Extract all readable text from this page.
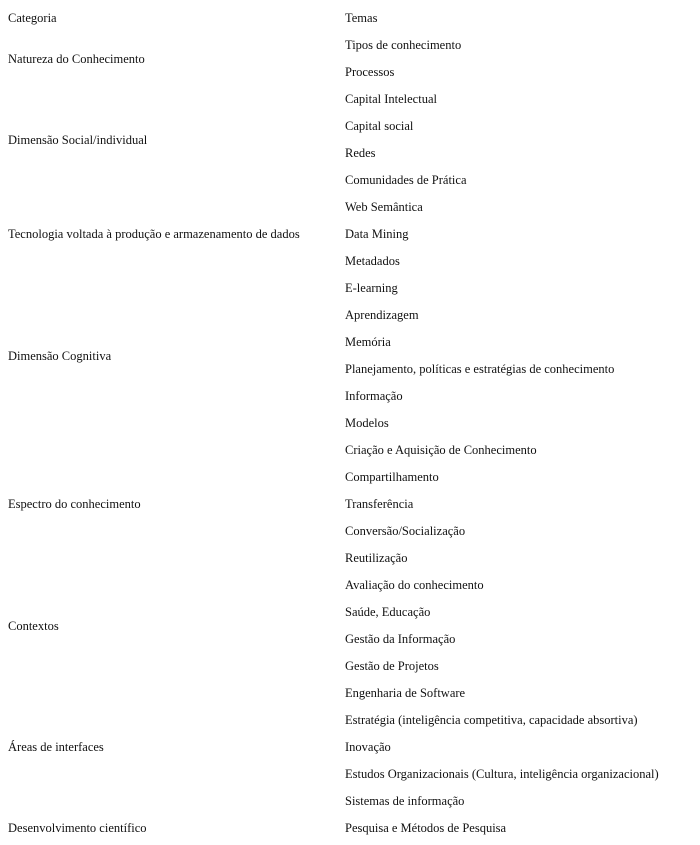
Categoria	Temas
Tipos de conhecimento
Processos
Natureza do Conhecimento
Capital Intelectual
Capital social
Redes
Comunidades de Prática
Dimensão Social/individual
Web Semântica
Data Mining
Metadados
Tecnologia voltada à produção e armazenamento de dados
E-learning
Aprendizagem
Memória
Planejamento, políticas e estratégias de conhecimento
Informação
Modelos
Dimensão Cognitiva
Criação e Aquisição de Conhecimento
Compartilhamento
Transferência
Conversão/Socialização
Reutilização
Espectro do conhecimento
Avaliação do conhecimento
Saúde, Educação
Gestão da Informação
Gestão de Projetos
Contextos
Engenharia de Software
Estratégia (inteligência competitiva, capacidade absortiva)
Inovação
Estudos Organizacionais (Cultura, inteligência organizacional)
Sistemas de informação
Áreas de interfaces
Pesquisa e Métodos de Pesquisa
Desenvolvimento científico
